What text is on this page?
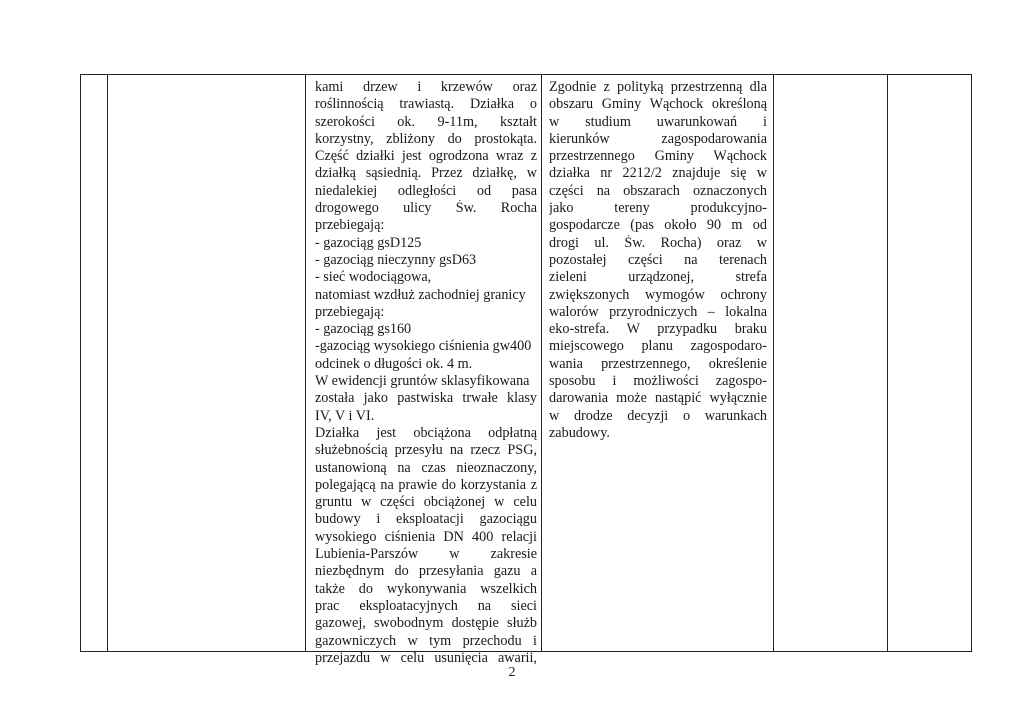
kami drzew i krzewów oraz
roślinnością trawiastą. Działka o
szerokości ok. 9-11m, kształt
korzystny, zbliżony do prostokąta.
Część działki jest ogrodzona wraz z
działką sąsiednią. Przez działkę, w
niedalekiej odległości od pasa
drogowego ulicy Św. Rocha
przebiegają:
- gazociąg gsD125
- gazociąg nieczynny gsD63
- sieć wodociągowa,
natomiast wzdłuż zachodniej granicy
przebiegają:
- gazociąg gs160
-gazociąg wysokiego ciśnienia gw400
odcinek o długości ok. 4 m.
W ewidencji gruntów sklasyfikowana
została jako pastwiska trwałe klasy
IV, V i VI.
Działka jest obciążona odpłatną
służebnością przesyłu na rzecz PSG,
ustanowioną na czas nieoznaczony,
polegającą na prawie do korzystania z
gruntu w części obciążonej w celu
budowy i eksploatacji gazociągu
wysokiego ciśnienia DN 400 relacji
Lubienia-Parszów w zakresie
niezbędnym do przesyłania gazu a
także do wykonywania wszelkich
prac eksploatacyjnych na sieci
gazowej, swobodnym dostępie służb
gazowniczych w tym przechodu i
przejazdu w celu usunięcia awarii,
Zgodnie z polityką przestrzenną dla
obszaru Gminy Wąchock określoną
w studium uwarunkowań i
kierunków zagospodarowania
przestrzennego Gminy Wąchock
działka nr 2212/2 znajduje się w
części na obszarach oznaczonych
jako tereny produkcyjno-
gospodarcze (pas około 90 m od
drogi ul. Św. Rocha) oraz w
pozostałej części na terenach
zieleni urządzonej, strefa
zwiększonych wymogów ochrony
walorów przyrodniczych – lokalna
eko-strefa. W przypadku braku
miejscowego planu zagospodaro-
wania przestrzennego, określenie
sposobu i możliwości zagospo-
darowania może nastąpić wyłącznie
w drodze decyzji o warunkach
zabudowy.
2
